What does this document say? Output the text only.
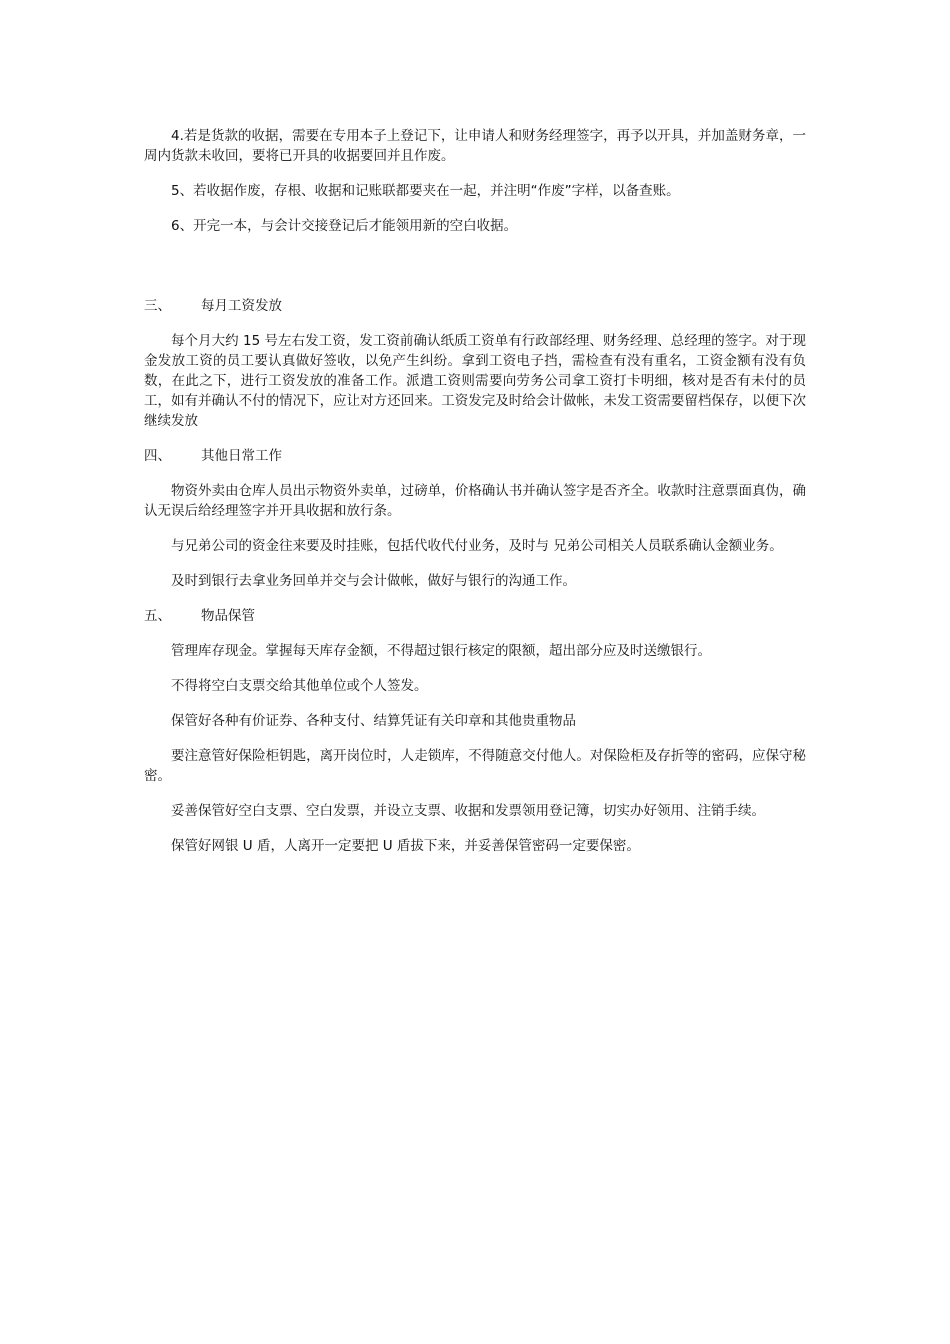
4.若是货款的收据，需要在专用本子上登记下，让申请人和财务经理签字，再予以开具，并加盖财务章，一周内货款未收回，要将已开具的收据要回并且作废。

5、若收据作废，存根、收据和记账联都要夹在一起，并注明“作废”字样，以备查账。

6、开完一本，与会计交接登记后才能领用新的空白收据。

三、	每月工资发放

每个月大约 15 号左右发工资，发工资前确认纸质工资单有行政部经理、财务经理、总经理的签字。对于现金发放工资的员工要认真做好签收，以免产生纠纷。拿到工资电子挡，需检查有没有重名，工资金额有没有负数，在此之下，进行工资发放的准备工作。派遣工资则需要向劳务公司拿工资打卡明细，核对是否有未付的员工，如有并确认不付的情况下，应让对方还回来。工资发完及时给会计做帐，未发工资需要留档保存，以便下次继续发放

四、	其他日常工作

物资外卖由仓库人员出示物资外卖单，过磅单，价格确认书并确认签字是否齐全。收款时注意票面真伪，确认无误后给经理签字并开具收据和放行条。

与兄弟公司的资金往来要及时挂账，包括代收代付业务，及时与 兄弟公司相关人员联系确认金额业务。

及时到银行去拿业务回单并交与会计做帐，做好与银行的沟通工作。

五、	物品保管

管理库存现金。掌握每天库存金额，不得超过银行核定的限额，超出部分应及时送缴银行。

不得将空白支票交给其他单位或个人签发。

保管好各种有价证券、各种支付、结算凭证有关印章和其他贵重物品

要注意管好保险柜钥匙，离开岗位时，人走锁库，不得随意交付他人。对保险柜及存折等的密码，应保守秘密。

妥善保管好空白支票、空白发票，并设立支票、收据和发票领用登记簿，切实办好领用、注销手续。

保管好网银 U 盾，人离开一定要把 U 盾拔下来，并妥善保管密码一定要保密。
